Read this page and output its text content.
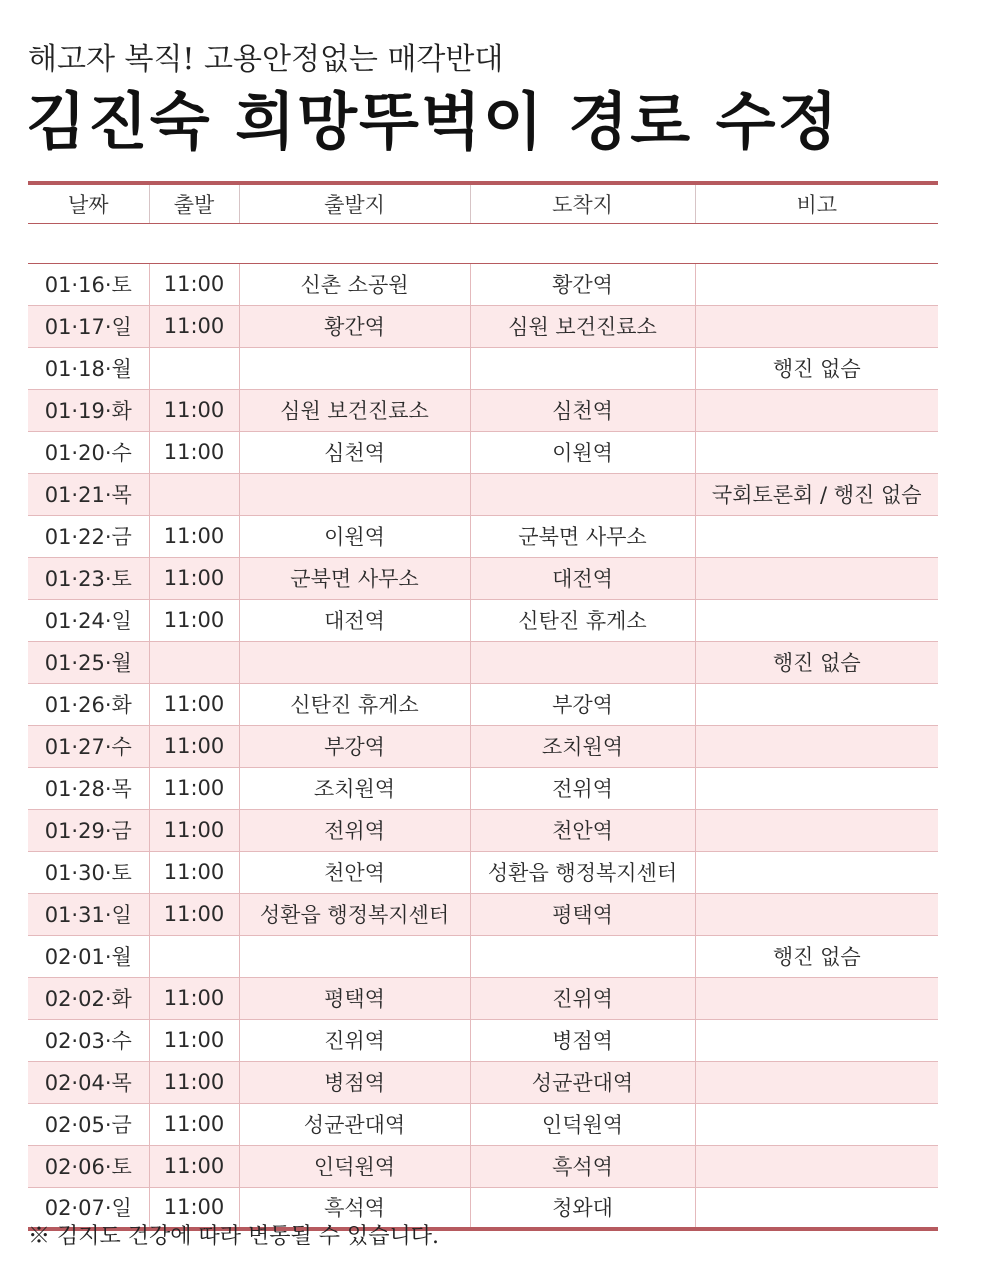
해고자 복직! 고용안정없는 매각반대
김진숙 희망뚜벅이 경로 수정
날짜	출발	출발지	도착지	비고

01·16·토	11:00	신촌 소공원	황간역	
01·17·일	11:00	황간역	심원 보건진료소	
01·18·월				행진 없슴
01·19·화	11:00	심원 보건진료소	심천역	
01·20·수	11:00	심천역	이원역	
01·21·목				국회토론회 / 행진 없슴
01·22·금	11:00	이원역	군북면 사무소	
01·23·토	11:00	군북면 사무소	대전역	
01·24·일	11:00	대전역	신탄진 휴게소	
01·25·월				행진 없슴
01·26·화	11:00	신탄진 휴게소	부강역	
01·27·수	11:00	부강역	조치원역	
01·28·목	11:00	조치원역	전위역	
01·29·금	11:00	전위역	천안역	
01·30·토	11:00	천안역	성환읍 행정복지센터	
01·31·일	11:00	성환읍 행정복지센터	평택역	
02·01·월				행진 없슴
02·02·화	11:00	평택역	진위역	
02·03·수	11:00	진위역	병점역	
02·04·목	11:00	병점역	성균관대역	
02·05·금	11:00	성균관대역	인덕원역	
02·06·토	11:00	인덕원역	흑석역	
02·07·일	11:00	흑석역	청와대	
※ 김지도 건강에 따라 변동될 수 있습니다.
